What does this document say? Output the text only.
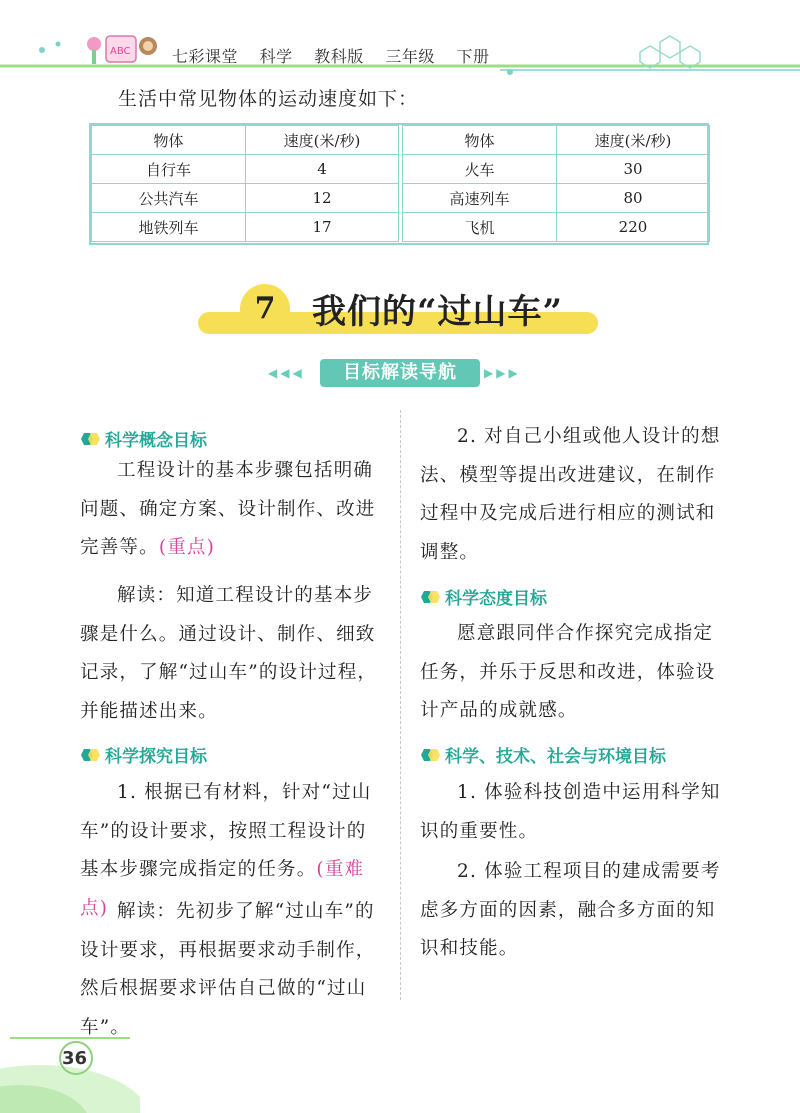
ABC	七彩课堂 科学 教科版 三年级 下册
生活中常见物体的运动速度如下：
物体	速度(米/秒)
自行车	4
公共汽车	12
地铁列车	17
物体	速度(米/秒)
火车	30
高速列车	80
飞机	220
7	我们的“过山车”
◀◀◀	目标解读导航	▶▶▶
科学概念目标

工程设计的基本步骤包括明确问题、确定方案、设计制作、改进完善等。(重点)

解读：知道工程设计的基本步骤是什么。通过设计、制作、细致记录，了解“过山车”的设计过程，并能描述出来。

科学探究目标

1. 根据已有材料，针对“过山车”的设计要求，按照工程设计的基本步骤完成指定的任务。(重难点) 解读：先初步了解“过山车”的设计要求，再根据要求动手制作，然后根据要求评估自己做的“过山车”。

2. 对自己小组或他人设计的想法、模型等提出改进建议，在制作过程中及完成后进行相应的测试和调整。

科学态度目标

愿意跟同伴合作探究完成指定任务，并乐于反思和改进，体验设计产品的成就感。

科学、技术、社会与环境目标

1. 体验科技创造中运用科学知识的重要性。

2. 体验工程项目的建成需要考虑多方面的因素，融合多方面的知识和技能。

36
